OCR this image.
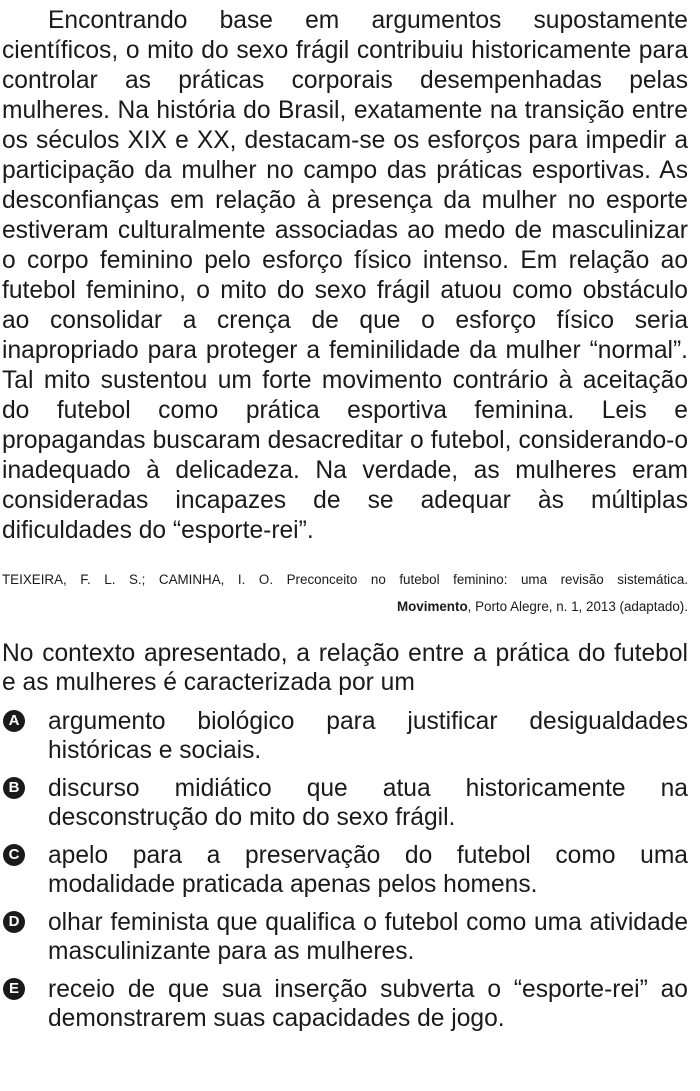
Encontrando base em argumentos supostamente científicos, o mito do sexo frágil contribuiu historicamente para controlar as práticas corporais desempenhadas pelas mulheres. Na história do Brasil, exatamente na transição entre os séculos XIX e XX, destacam-se os esforços para impedir a participação da mulher no campo das práticas esportivas. As desconfianças em relação à presença da mulher no esporte estiveram culturalmente associadas ao medo de masculinizar o corpo feminino pelo esforço físico intenso. Em relação ao futebol feminino, o mito do sexo frágil atuou como obstáculo ao consolidar a crença de que o esforço físico seria inapropriado para proteger a feminilidade da mulher “normal”. Tal mito sustentou um forte movimento contrário à aceitação do futebol como prática esportiva feminina. Leis e propagandas buscaram desacreditar o futebol, considerando-o inadequado à delicadeza. Na verdade, as mulheres eram consideradas incapazes de se adequar às múltiplas dificuldades do “esporte-rei”.

TEIXEIRA, F. L. S.; CAMINHA, I. O. Preconceito no futebol feminino: uma revisão sistemática.
Movimento, Porto Alegre, n. 1, 2013 (adaptado).

No contexto apresentado, a relação entre a prática do futebol e as mulheres é caracterizada por um

A argumento biológico para justificar desigualdades históricas e sociais.
B discurso midiático que atua historicamente na desconstrução do mito do sexo frágil.
C apelo para a preservação do futebol como uma modalidade praticada apenas pelos homens.
D olhar feminista que qualifica o futebol como uma atividade masculinizante para as mulheres.
E receio de que sua inserção subverta o “esporte-rei” ao demonstrarem suas capacidades de jogo.
